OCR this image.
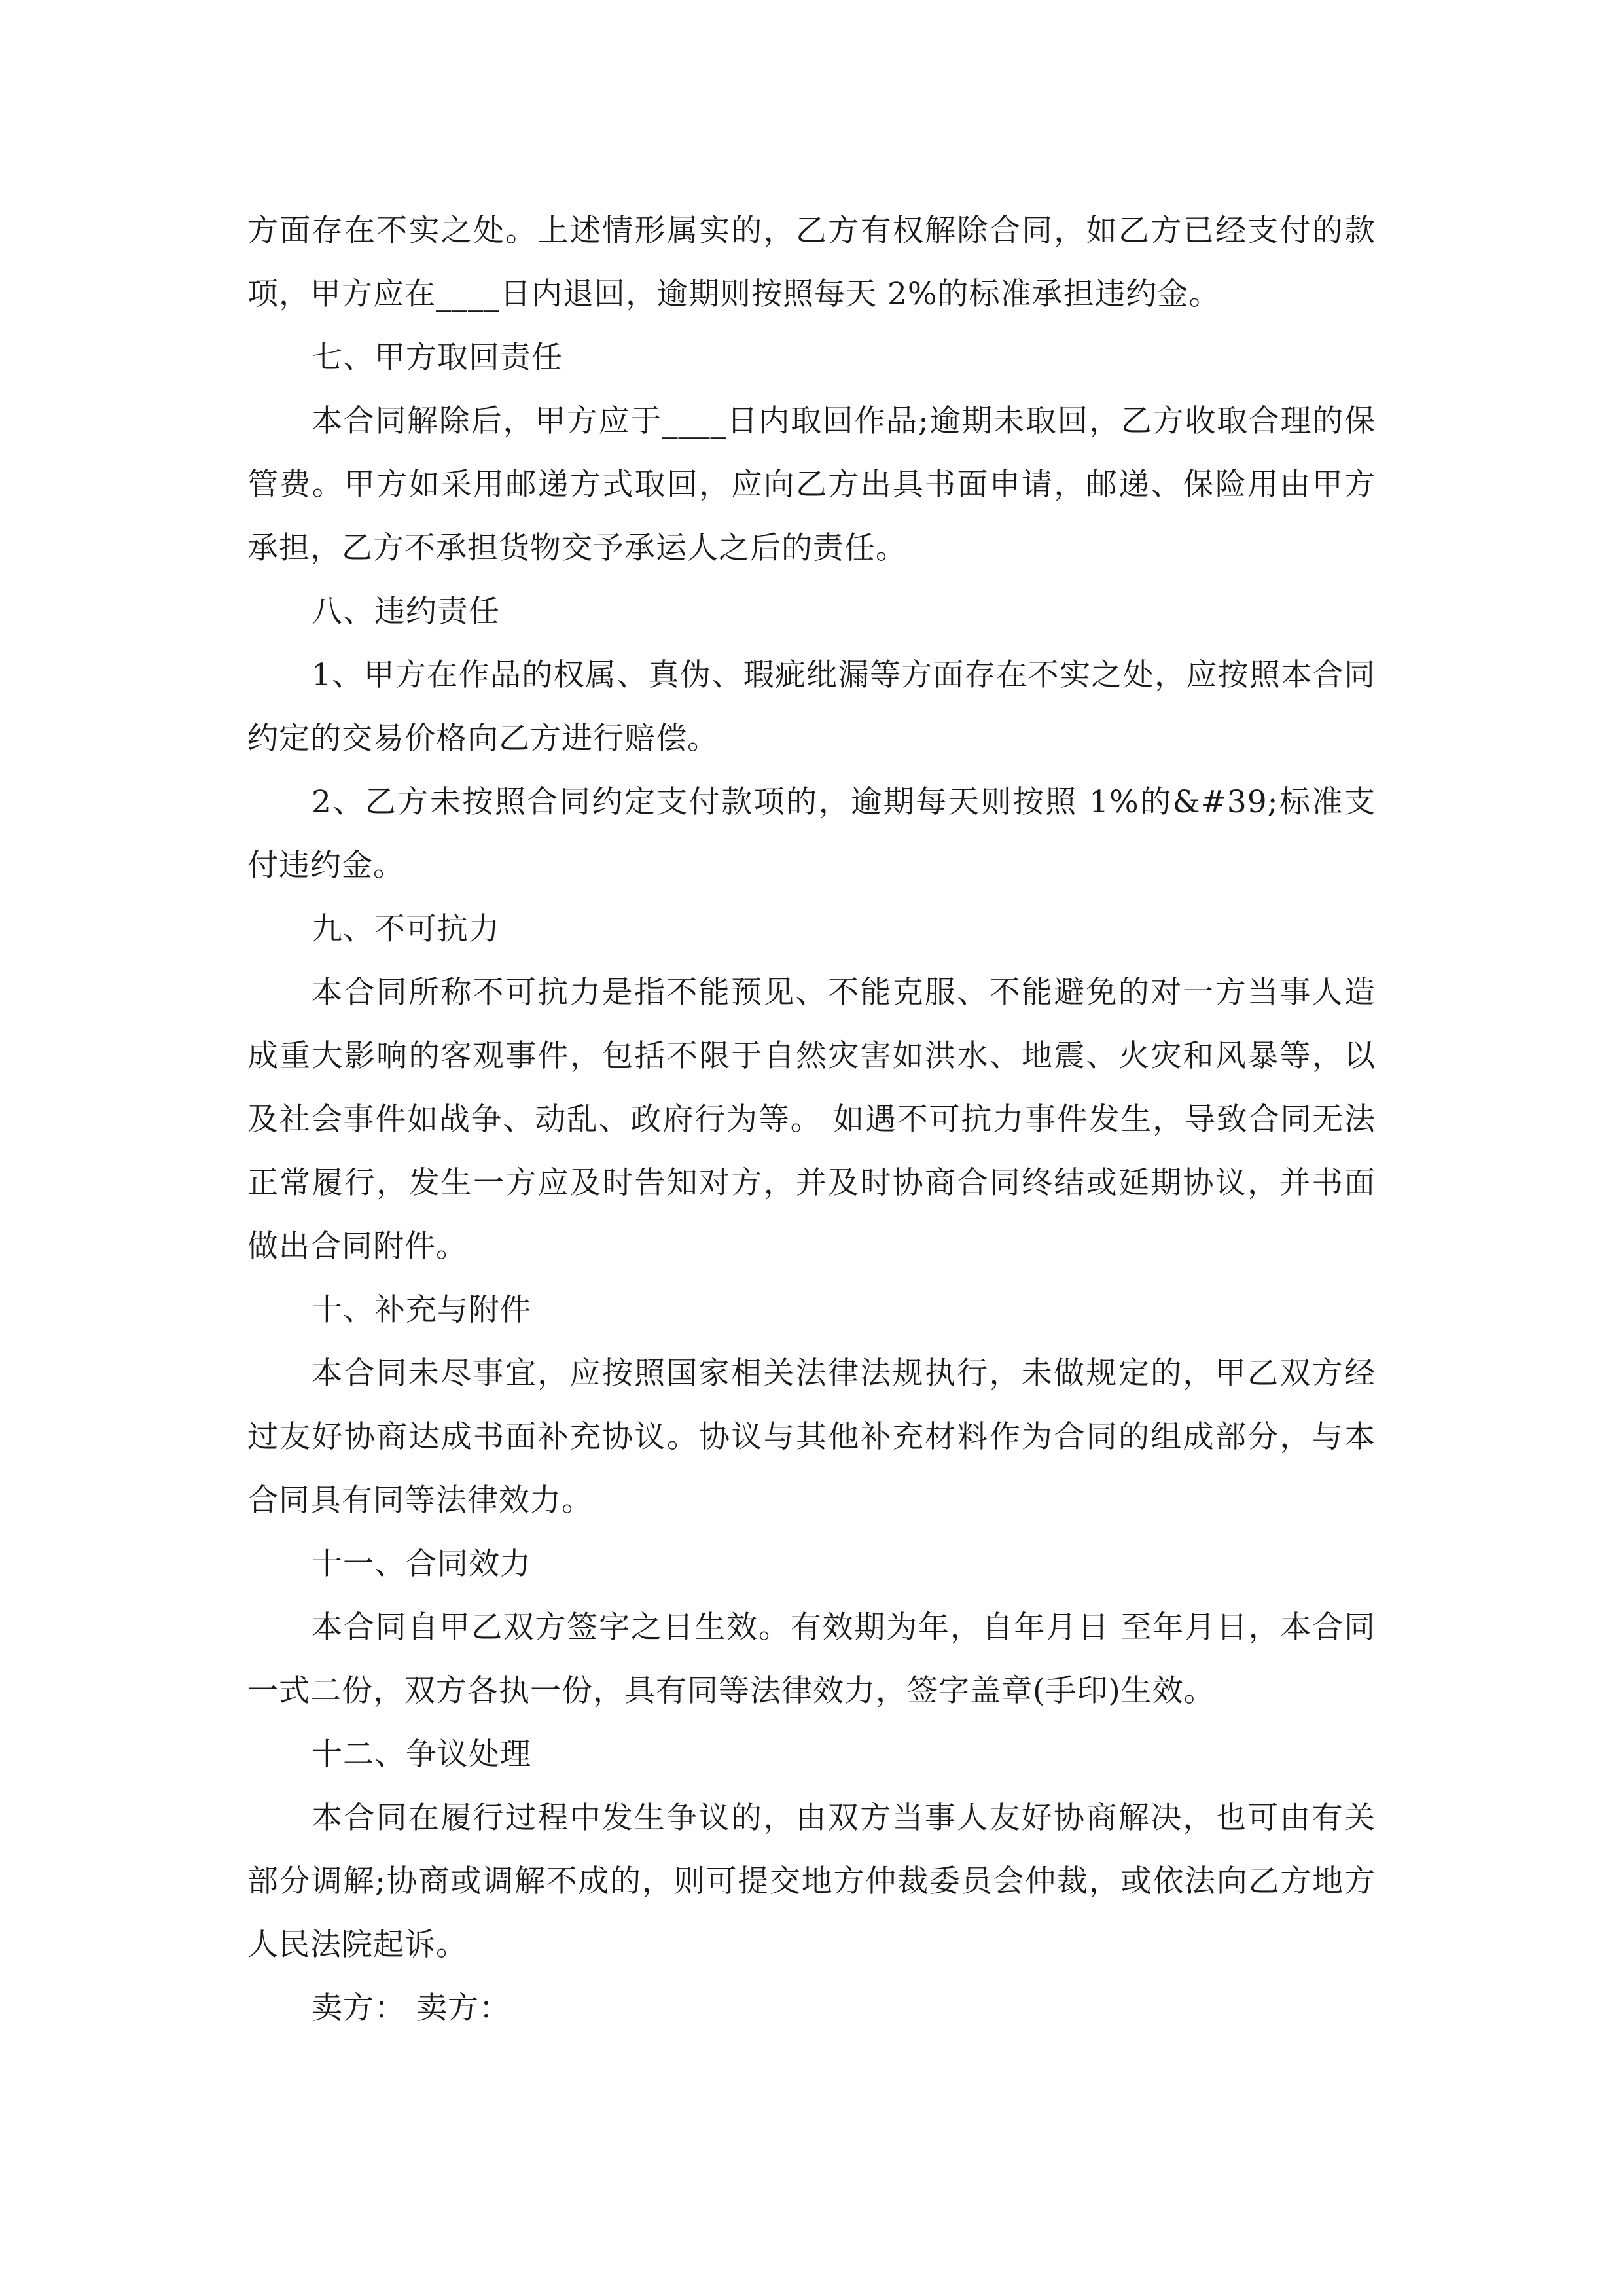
方面存在不实之处。上述情形属实的，乙方有权解除合同，如乙方已经支付的款项，甲方应在____日内退回，逾期则按照每天 2%的标准承担违约金。

七、甲方取回责任

本合同解除后，甲方应于____日内取回作品;逾期未取回，乙方收取合理的保管费。甲方如采用邮递方式取回，应向乙方出具书面申请，邮递、保险用由甲方承担，乙方不承担货物交予承运人之后的责任。

八、违约责任

1、甲方在作品的权属、真伪、瑕疵纰漏等方面存在不实之处，应按照本合同约定的交易价格向乙方进行赔偿。

2、乙方未按照合同约定支付款项的，逾期每天则按照 1%的&#39;标准支付违约金。

九、不可抗力

本合同所称不可抗力是指不能预见、不能克服、不能避免的对一方当事人造成重大影响的客观事件，包括不限于自然灾害如洪水、地震、火灾和风暴等，以及社会事件如战争、动乱、政府行为等。 如遇不可抗力事件发生，导致合同无法正常履行，发生一方应及时告知对方，并及时协商合同终结或延期协议，并书面做出合同附件。

十、补充与附件

本合同未尽事宜，应按照国家相关法律法规执行，未做规定的，甲乙双方经过友好协商达成书面补充协议。协议与其他补充材料作为合同的组成部分，与本合同具有同等法律效力。

十一、合同效力

本合同自甲乙双方签字之日生效。有效期为年，自年月日 至年月日，本合同一式二份，双方各执一份，具有同等法律效力，签字盖章(手印)生效。

十二、争议处理

本合同在履行过程中发生争议的，由双方当事人友好协商解决，也可由有关部分调解;协商或调解不成的，则可提交地方仲裁委员会仲裁，或依法向乙方地方人民法院起诉。

卖方： 卖方：
